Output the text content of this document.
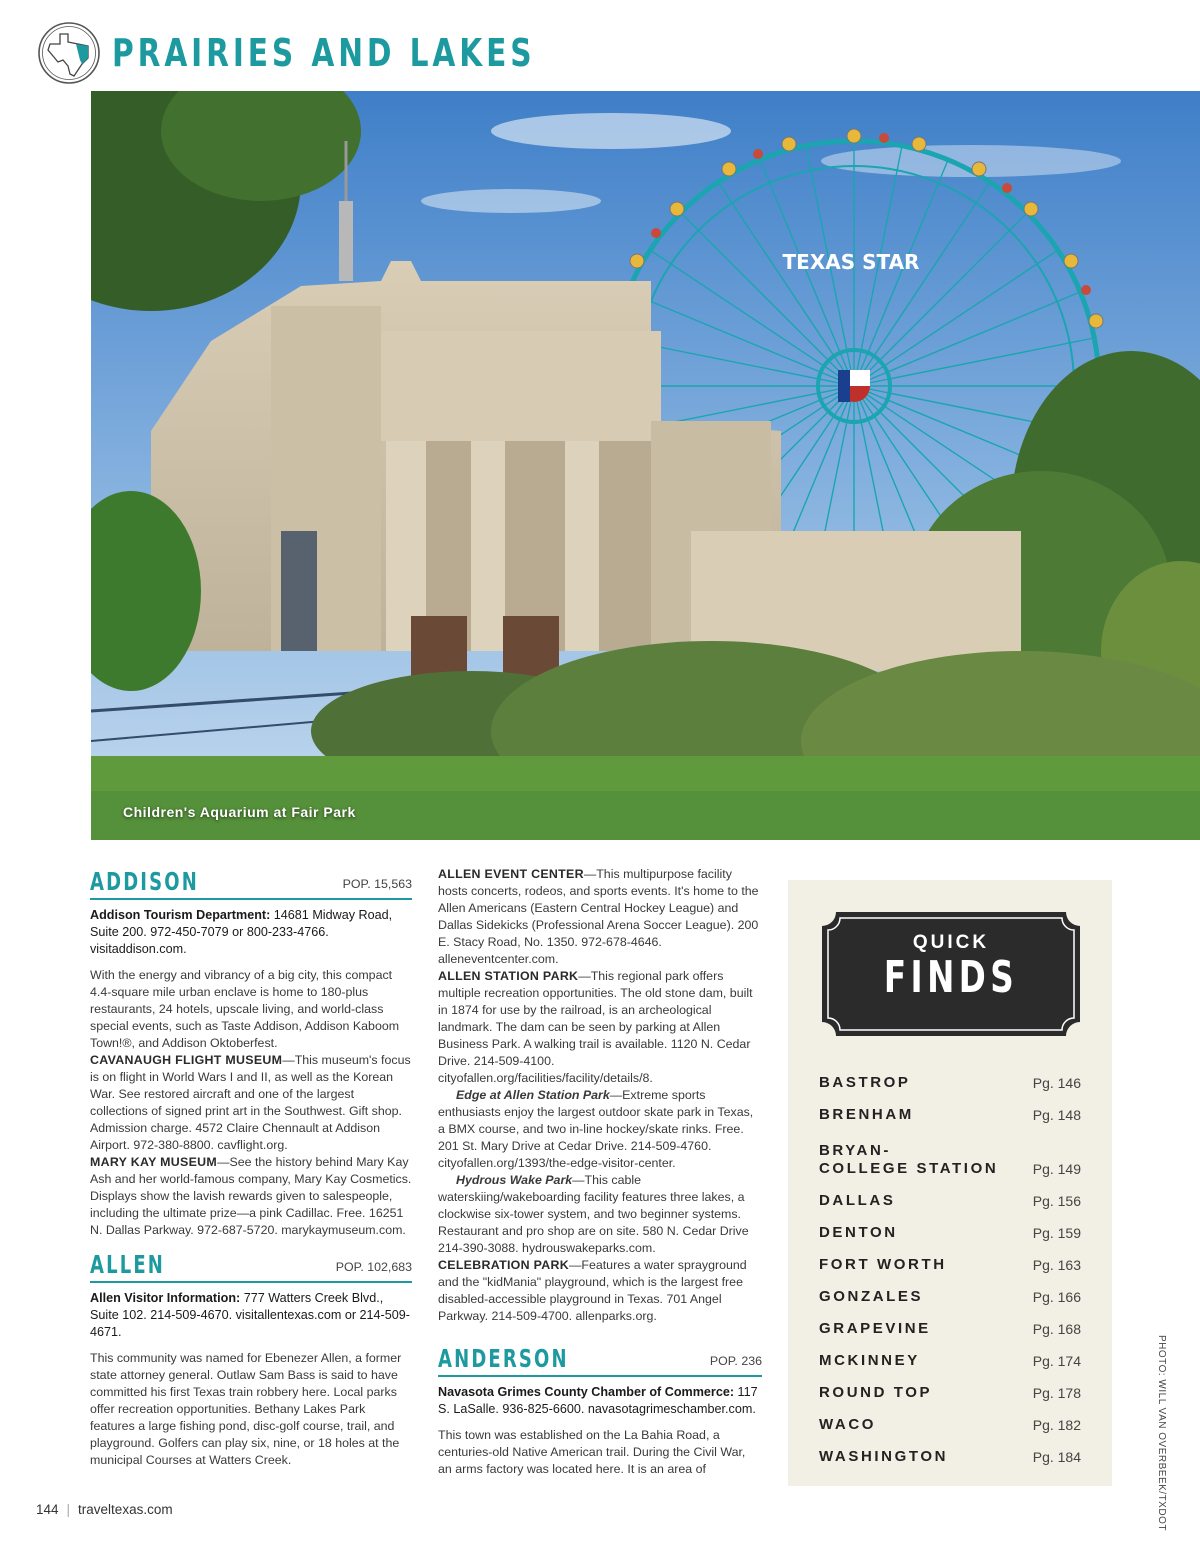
PRAIRIES AND LAKES
TEXAS STAR
Children's Aquarium at Fair Park
ADDISON	POP. 15,563
Addison Tourism Department: 14681 Midway Road, Suite 200. 972-450-7079 or 800-233-4766. visitaddison.com.
With the energy and vibrancy of a big city, this compact 4.4-square mile urban enclave is home to 180-plus restaurants, 24 hotels, upscale living, and world-class special events, such as Taste Addison, Addison Kaboom Town!®, and Addison Oktoberfest.
CAVANAUGH FLIGHT MUSEUM—This museum's focus is on flight in World Wars I and II, as well as the Korean War. See restored aircraft and one of the largest collections of signed print art in the Southwest. Gift shop. Admission charge. 4572 Claire Chennault at Addison Airport. 972-380-8800. cavflight.org.
MARY KAY MUSEUM—See the history behind Mary Kay Ash and her world-famous company, Mary Kay Cosmetics. Displays show the lavish rewards given to salespeople, including the ultimate prize—a pink Cadillac. Free. 16251 N. Dallas Parkway. 972-687-5720. marykaymuseum.com.
ALLEN	POP. 102,683
Allen Visitor Information: 777 Watters Creek Blvd., Suite 102. 214-509-4670. visitallentexas.com or 214-509-4671.
This community was named for Ebenezer Allen, a former state attorney general. Outlaw Sam Bass is said to have committed his first Texas train robbery here. Local parks offer recreation opportunities. Bethany Lakes Park features a large fishing pond, disc-golf course, trail, and playground. Golfers can play six, nine, or 18 holes at the municipal Courses at Watters Creek.
ALLEN EVENT CENTER—This multipurpose facility hosts concerts, rodeos, and sports events. It's home to the Allen Americans (Eastern Central Hockey League) and Dallas Sidekicks (Professional Arena Soccer League). 200 E. Stacy Road, No. 1350. 972-678-4646. alleneventcenter.com.
ALLEN STATION PARK—This regional park offers multiple recreation opportunities. The old stone dam, built in 1874 for use by the railroad, is an archeological landmark. The dam can be seen by parking at Allen Business Park. A walking trail is available. 1120 N. Cedar Drive. 214-509-4100. cityofallen.org/facilities/facility/details/8.
Edge at Allen Station Park—Extreme sports enthusiasts enjoy the largest outdoor skate park in Texas, a BMX course, and two in-line hockey/skate rinks. Free. 201 St. Mary Drive at Cedar Drive. 214-509-4760. cityofallen.org/1393/the-edge-visitor-center.
Hydrous Wake Park—This cable waterskiing/wakeboarding facility features three lakes, a clockwise six-tower system, and two beginner systems. Restaurant and pro shop are on site. 580 N. Cedar Drive 214-390-3088. hydrouswakeparks.com.
CELEBRATION PARK—Features a water sprayground and the "kidMania" playground, which is the largest free disabled-accessible playground in Texas. 701 Angel Parkway. 214-509-4700. allenparks.org.
ANDERSON	POP. 236
Navasota Grimes County Chamber of Commerce: 117 S. LaSalle. 936-825-6600. navasotagrimeschamber.com.
This town was established on the La Bahia Road, a centuries-old Native American trail. During the Civil War, an arms factory was located here. It is an area of
QUICK
FINDS
BASTROP	Pg. 146
BRENHAM	Pg. 148
BRYAN-
COLLEGE STATION Pg. 149
DALLAS	Pg. 156
DENTON	Pg. 159
FORT WORTH	Pg. 163
GONZALES	Pg. 166
GRAPEVINE	Pg. 168
MCKINNEY	Pg. 174
ROUND TOP	Pg. 178
WACO	Pg. 182
WASHINGTON	Pg. 184	PHOTO: WILL VAN OVERBEEK/TXDOT
144 | traveltexas.com
